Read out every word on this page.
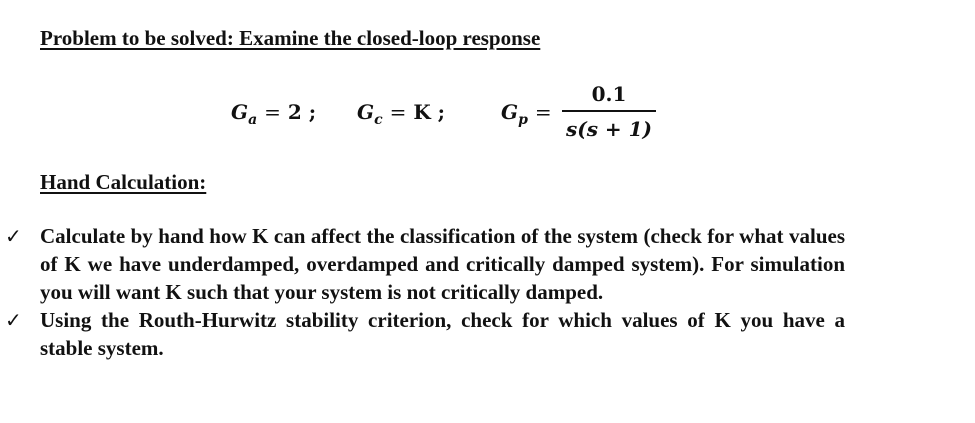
Problem to be solved: Examine the closed-loop response
$G_a = 2$ ; $G_c = K$ ;	$G_p$ =
0.1
s(s + 1)
Hand Calculation:
✓ Calculate by hand how K can affect the classification of the system (check for what values of K we have underdamped, overdamped and critically damped system). For simulation you will want K such that your system is not critically damped.
✓ Using the Routh-Hurwitz stability criterion, check for which values of K you have a stable system.
